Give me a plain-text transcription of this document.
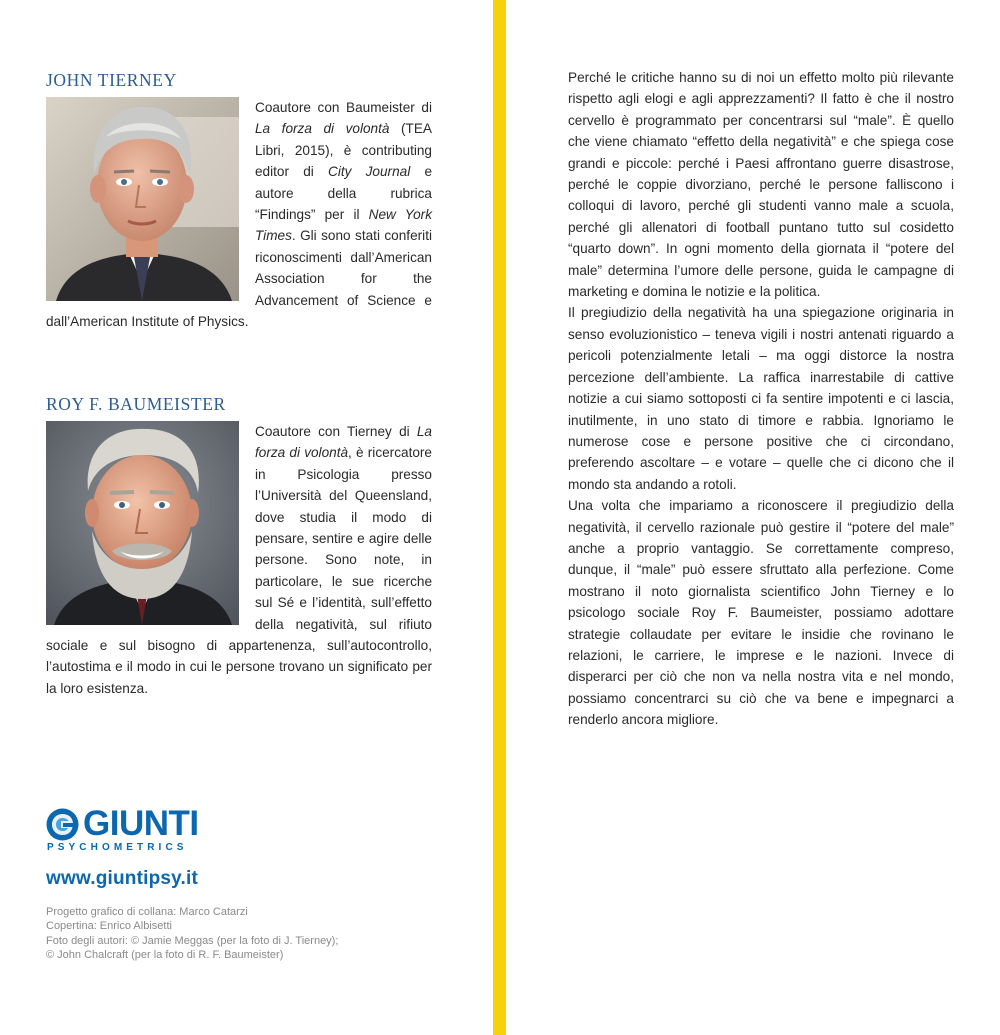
JOHN TIERNEY
Coautore con Baumeister di La forza di volontà (TEA Libri, 2015), è contributing editor di City Journal e autore della rubrica “Findings” per il New York Times. Gli sono stati conferiti riconoscimenti dall’American Association for the Advancement of Science e dall’American Institute of Physics.
ROY F. BAUMEISTER
Coautore con Tierney di La forza di volontà, è ricercatore in Psicologia presso l’Università del Queensland, dove studia il modo di pensare, sentire e agire delle persone. Sono note, in particolare, le sue ricerche sul Sé e l’identità, sull’effetto della negatività, sul rifiuto sociale e sul bisogno di appartenenza, sull’autocontrollo, l’autostima e il modo in cui le persone trovano un significato per la loro esistenza.
GIUNTI
PSYCHOMETRICS
www.giuntipsy.it
Progetto grafico di collana: Marco Catarzi
Copertina: Enrico Albisetti
Foto degli autori: © Jamie Meggas (per la foto di J. Tierney);
© John Chalcraft (per la foto di R. F. Baumeister)

Perché le critiche hanno su di noi un effetto molto più rilevante rispetto agli elogi e agli apprezzamenti? Il fatto è che il nostro cervello è programmato per concentrarsi sul “male”. È quello che viene chiamato “effetto della negatività” e che spiega cose grandi e piccole: perché i Paesi affrontano guerre disastrose, perché le coppie divorziano, perché le persone falliscono i colloqui di lavoro, perché gli studenti vanno male a scuola, perché gli allenatori di football puntano tutto sul cosidetto “quarto down”. In ogni momento della giornata il “potere del male” determina l’umore delle persone, guida le campagne di marketing e domina le notizie e la politica.

Il pregiudizio della negatività ha una spiegazione originaria in senso evoluzionistico – teneva vigili i nostri antenati riguardo a pericoli potenzialmente letali – ma oggi distorce la nostra percezione dell’ambiente. La raffica inarrestabile di cattive notizie a cui siamo sottoposti ci fa sentire impotenti e ci lascia, inutilmente, in uno stato di timore e rabbia. Ignoriamo le numerose cose e persone positive che ci circondano, preferendo ascoltare – e votare – quelle che ci dicono che il mondo sta andando a rotoli.

Una volta che impariamo a riconoscere il pregiudizio della negatività, il cervello razionale può gestire il “potere del male” anche a proprio vantaggio. Se correttamente compreso, dunque, il “male” può essere sfruttato alla perfezione. Come mostrano il noto giornalista scientifico John Tierney e lo psicologo sociale Roy F. Baumeister, possiamo adottare strategie collaudate per evitare le insidie che rovinano le relazioni, le carriere, le imprese e le nazioni. Invece di disperarci per ciò che non va nella nostra vita e nel mondo, possiamo concentrarci su ciò che va bene e impegnarci a renderlo ancora migliore.
